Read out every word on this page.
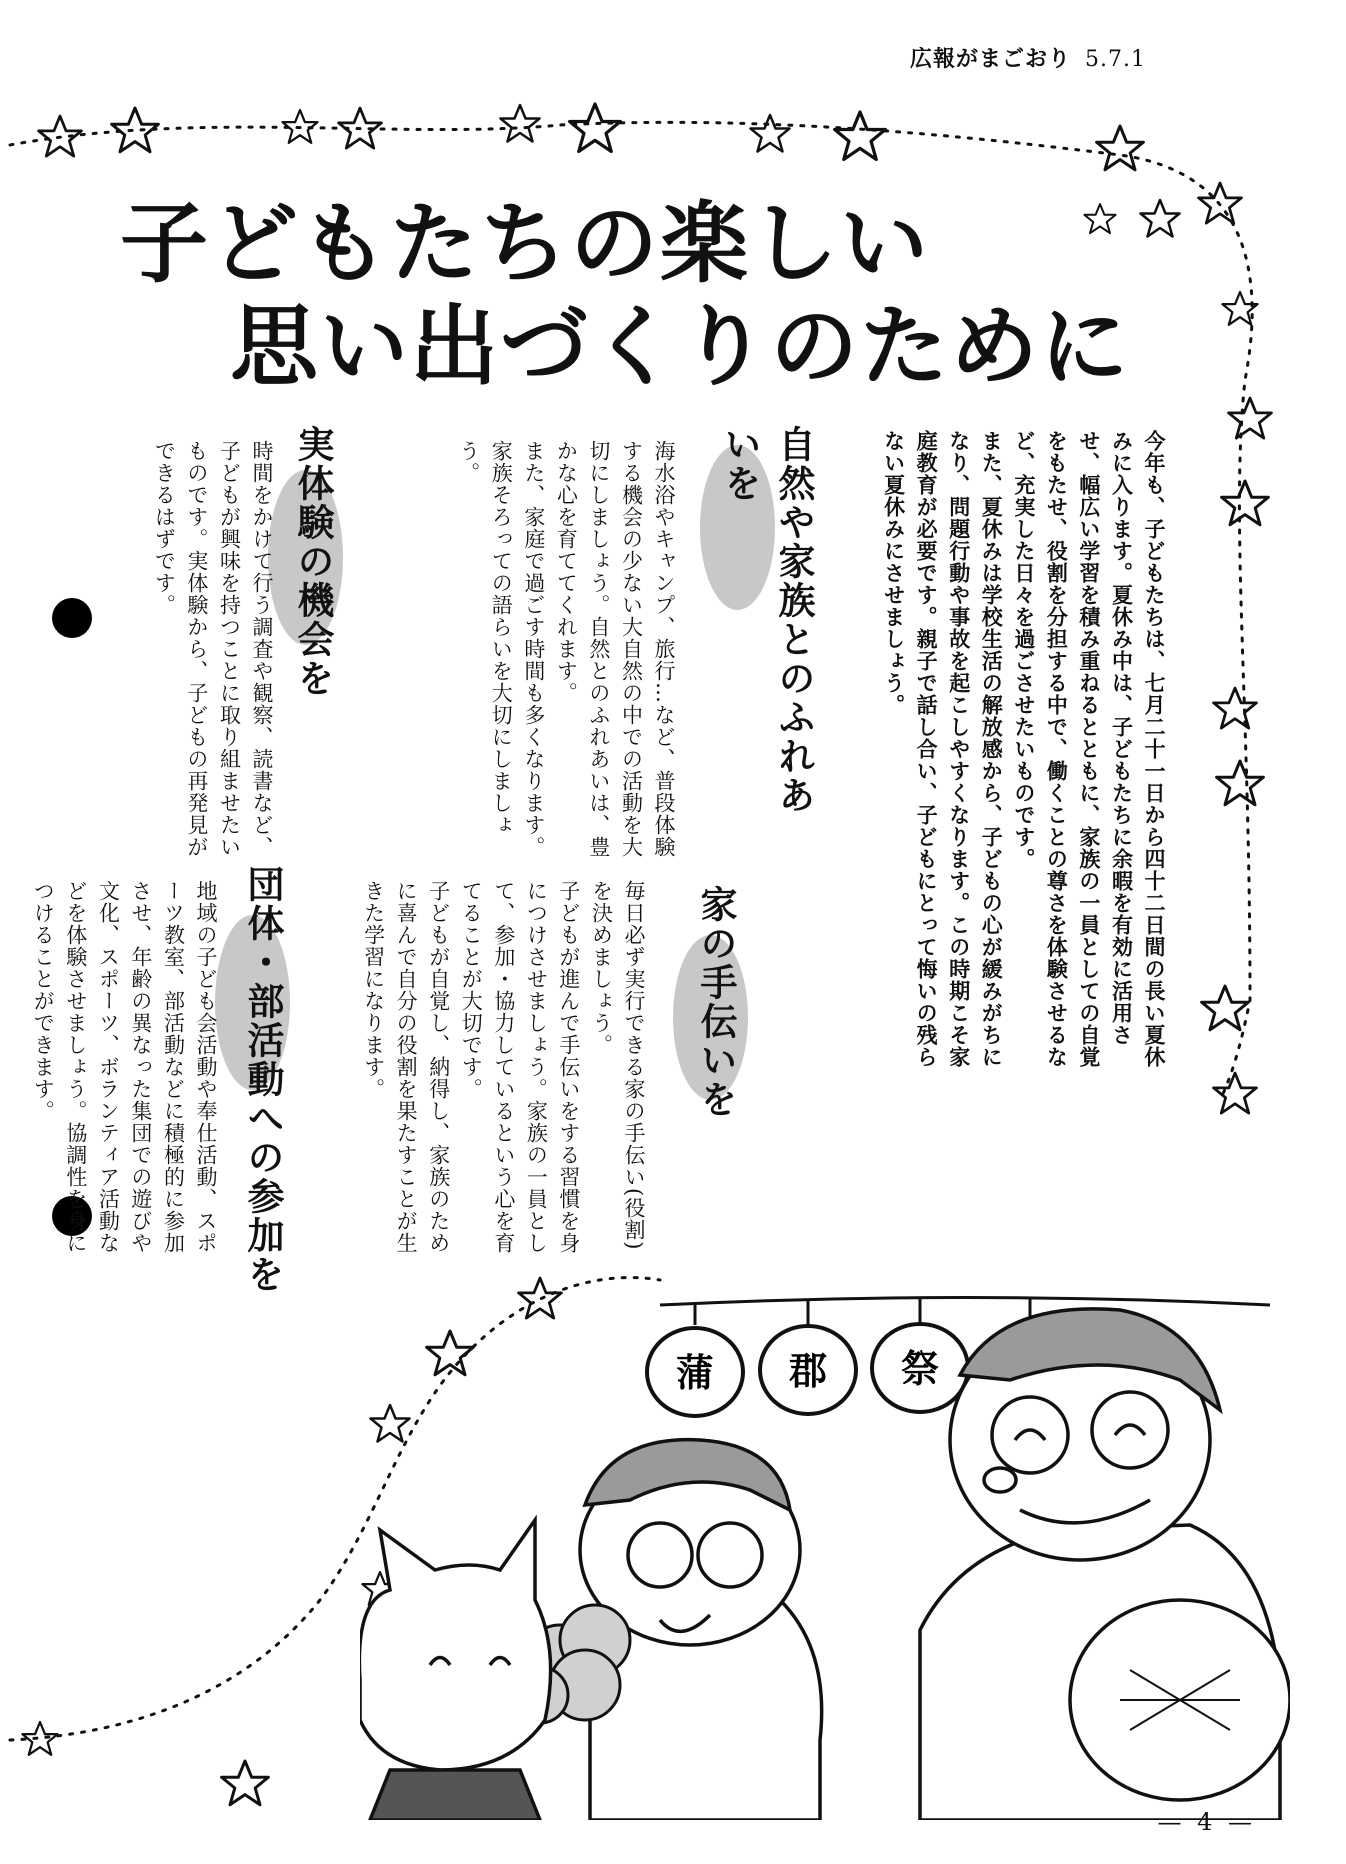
広報がまごおり 5.7.1
子どもたちの楽しい
思い出づくりのために

今年も、子どもたちは、七月二十一日から四十二日間の長い夏休みに入ります。夏休み中は、子どもたちに余暇を有効に活用させ、幅広い学習を積み重ねるとともに、家族の一員としての自覚をもたせ、役割を分担する中で、働くことの尊さを体験させるなど、充実した日々を過ごさせたいものです。

また、夏休みは学校生活の解放感から、子どもの心が緩みがちになり、問題行動や事故を起こしやすくなります。この時期こそ家庭教育が必要です。親子で話し合い、子どもにとって悔いの残らない夏休みにさせましょう。

自然や家族とのふれあいを

海水浴やキャンプ、旅行…など、普段体験する機会の少ない大自然の中での活動を大切にしましょう。自然とのふれあいは、豊かな心を育ててくれます。

また、家庭で過ごす時間も多くなります。家族そろっての語らいを大切にしましょう。

実体験の機会を

時間をかけて行う調査や観察、読書など、子どもが興味を持つことに取り組ませたいものです。実体験から、子どもの再発見ができるはずです。

家の手伝いを

毎日必ず実行できる家の手伝い(役割)を決めましょう。

子どもが進んで手伝いをする習慣を身につけさせましょう。家族の一員として、参加・協力しているという心を育てることが大切です。

子どもが自覚し、納得し、家族のために喜んで自分の役割を果たすことが生きた学習になります。

団体・部活動への参加を

地域の子ども会活動や奉仕活動、スポーツ教室、部活動などに積極的に参加させ、年齢の異なった集団での遊びや文化、スポーツ、ボランティア活動などを体験させましょう。協調性を身につけることができます。

蒲 郡 祭
— 4 —
